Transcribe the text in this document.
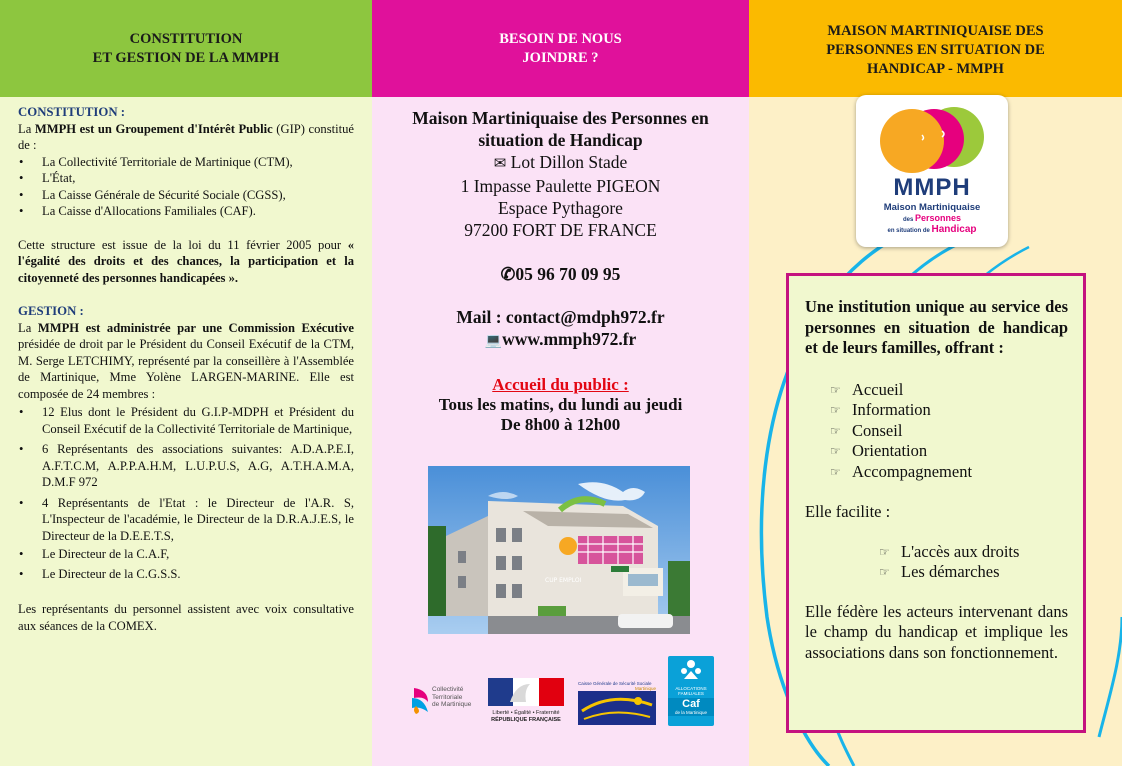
CONSTITUTION
ET GESTION DE LA MMPH
CONSTITUTION :

La MMPH est un Groupement d'Intérêt Public (GIP) constitué de :

• La Collectivité Territoriale de Martinique (CTM),
• L'État,
• La Caisse Générale de Sécurité Sociale (CGSS),
• La Caisse d'Allocations Familiales (CAF).

Cette structure est issue de la loi du 11 février 2005 pour « l'égalité des droits et des chances, la participation et la citoyenneté des personnes handicapées ».

GESTION :

La MMPH est administrée par une Commission Exécutive présidée de droit par le Président du Conseil Exécutif de la CTM, M. Serge LETCHIMY, représenté par la conseillère à l'Assemblée de Martinique, Mme Yolène LARGEN-MARINE. Elle est composée de 24 membres :

• 12 Elus dont le Président du G.I.P-MDPH et Président du Conseil Exécutif de la Collectivité Territoriale de Martinique,
• 6 Représentants des associations suivantes: A.D.A.P.E.I, A.F.T.C.M, A.P.P.A.H.M, L.U.P.U.S, A.G, A.T.H.A.M.A, D.M.F 972
• 4 Représentants de l'Etat : le Directeur de l'A.R. S, L'Inspecteur de l'académie, le Directeur de la D.R.A.J.E.S, le Directeur de la D.E.E.T.S,
• Le Directeur de la C.A.F,
• Le Directeur de la C.G.S.S.

Les représentants du personnel assistent avec voix consultative aux séances de la COMEX.

BESOIN DE NOUS
JOINDRE ?
Maison Martiniquaise des Personnes en
situation de Handicap
✉ Lot Dillon Stade
1 Impasse Paulette PIGEON
Espace Pythagore
97200 FORT DE FRANCE
✆05 96 70 09 95
Mail : contact@mdph972.fr
💻www.mmph972.fr
Accueil du public :
Tous les matins, du lundi au jeudi
De 8h00 à 12h00
CUP EMPLOI
Collectivité
Territoriale
de Martinique
Liberté • Égalité • Fraternité
RÉPUBLIQUE FRANÇAISE
Caisse Générale de Sécurité Sociale
Martinique	ALLOCATIONS
FAMILIALES
Caf
de la Martinique
MAISON MARTINIQUAISE DES
PERSONNES EN SITUATION DE
HANDICAP - MMPH
MMPH
Maison Martiniquaise
des Personnes
en situation de Handicap

Une institution unique au service des personnes en situation de handicap et de leurs familles, offrant :

☞ Accueil
☞ Information
☞ Conseil
☞ Orientation
☞ Accompagnement

Elle facilite :

☞ L'accès aux droits
☞ Les démarches

Elle fédère les acteurs intervenant dans le champ du handicap et implique les associations dans son fonctionnement.
